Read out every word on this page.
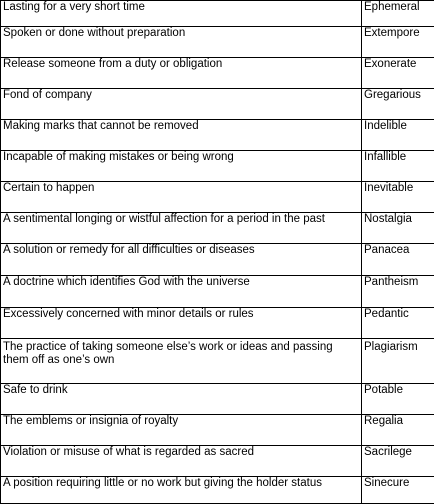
Lasting for a very short time	Ephemeral
Spoken or done without preparation	Extempore
Release someone from a duty or obligation	Exonerate
Fond of company	Gregarious
Making marks that cannot be removed	Indelible
Incapable of making mistakes or being wrong	Infallible
Certain to happen	Inevitable
A sentimental longing or wistful affection for a period in the past	Nostalgia
A solution or remedy for all difficulties or diseases	Panacea
A doctrine which identifies God with the universe	Pantheism
Excessively concerned with minor details or rules	Pedantic
The practice of taking someone else’s work or ideas and passing them off as one’s own	Plagiarism
Safe to drink	Potable
The emblems or insignia of royalty	Regalia
Violation or misuse of what is regarded as sacred	Sacrilege
A position requiring little or no work but giving the holder status	Sinecure
